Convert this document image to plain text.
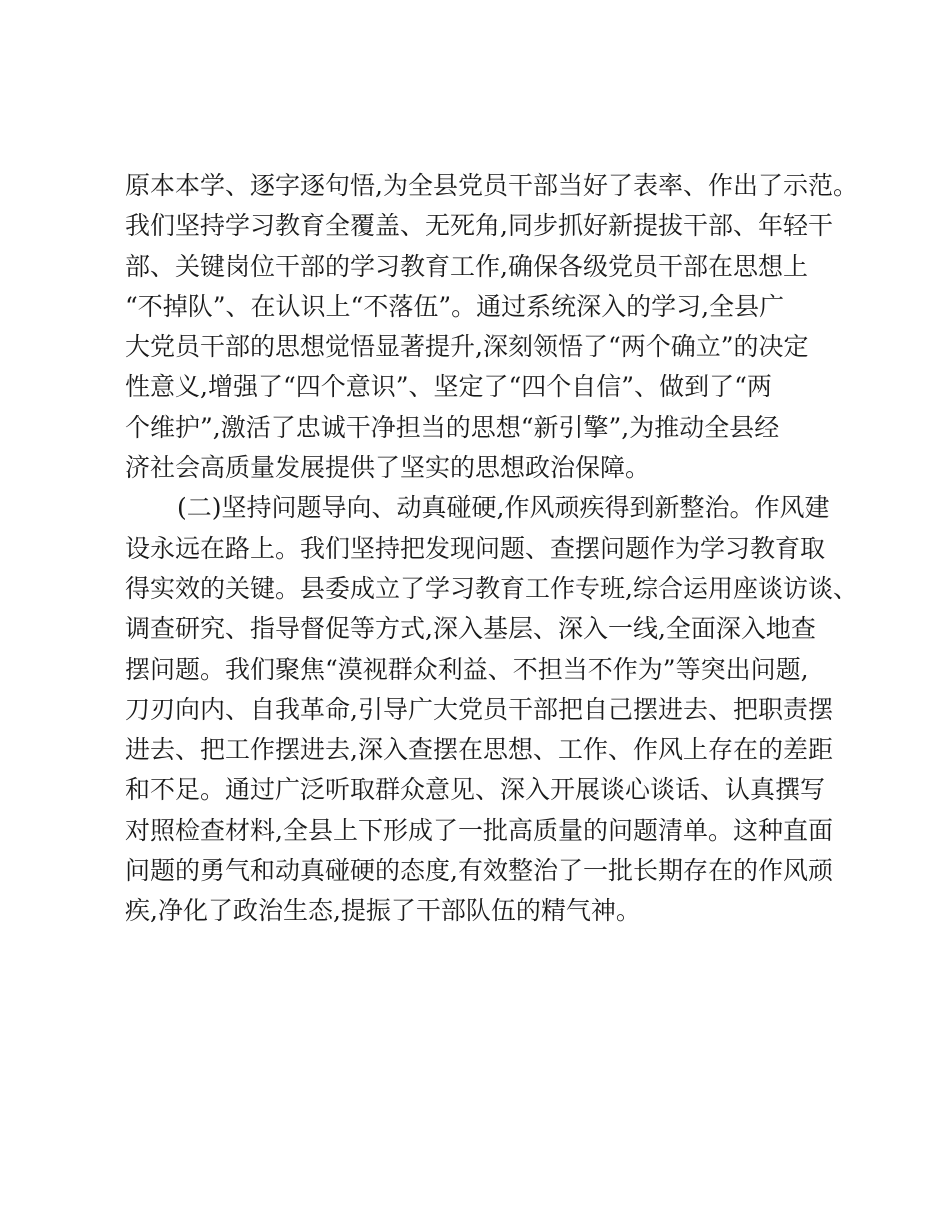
原本本学、逐字逐句悟,为全县党员干部当好了表率、作出了示范。
我们坚持学习教育全覆盖、无死角,同步抓好新提拔干部、年轻干
部、关键岗位干部的学习教育工作,确保各级党员干部在思想上
“不掉队”、在认识上“不落伍”。通过系统深入的学习,全县广
大党员干部的思想觉悟显著提升,深刻领悟了“两个确立”的决定
性意义,增强了“四个意识”、坚定了“四个自信”、做到了“两
个维护”,激活了忠诚干净担当的思想“新引擎”,为推动全县经
济社会高质量发展提供了坚实的思想政治保障。
(二)坚持问题导向、动真碰硬,作风顽疾得到新整治。作风建
设永远在路上。我们坚持把发现问题、查摆问题作为学习教育取
得实效的关键。县委成立了学习教育工作专班,综合运用座谈访谈、
调查研究、指导督促等方式,深入基层、深入一线,全面深入地查
摆问题。我们聚焦“漠视群众利益、不担当不作为”等突出问题,
刀刃向内、自我革命,引导广大党员干部把自己摆进去、把职责摆
进去、把工作摆进去,深入查摆在思想、工作、作风上存在的差距
和不足。通过广泛听取群众意见、深入开展谈心谈话、认真撰写
对照检查材料,全县上下形成了一批高质量的问题清单。这种直面
问题的勇气和动真碰硬的态度,有效整治了一批长期存在的作风顽
疾,净化了政治生态,提振了干部队伍的精气神。
